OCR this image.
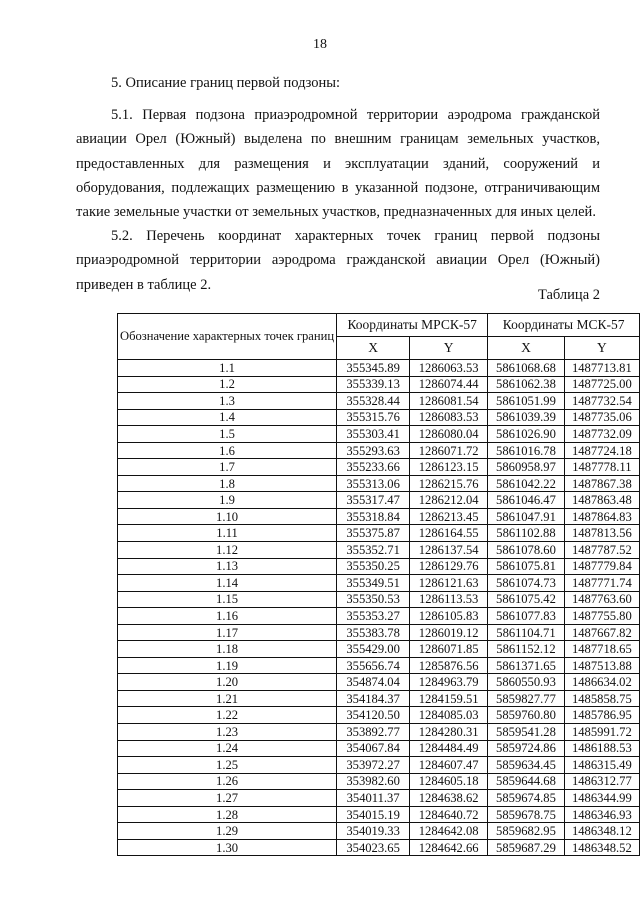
18
5. Описание границ первой подзоны:
5.1. Первая подзона приаэродромной территории аэродрома гражданской
авиации Орел (Южный) выделена по внешним границам земельных участков,
предоставленных для размещения и эксплуатации зданий, сооружений и
оборудования, подлежащих размещению в указанной подзоне, отграничивающим
такие земельные участки от земельных участков, предназначенных для иных целей.
5.2. Перечень координат характерных точек границ первой подзоны
приаэродромной территории аэродрома гражданской авиации Орел (Южный)
приведен в таблице 2.
Таблица 2
Обозначение характерных точек границ	Координаты МРСК-57		Координаты МСК-57	
	X	Y	X	Y
1.1	355345.89	1286063.53	5861068.68	1487713.81
1.2	355339.13	1286074.44	5861062.38	1487725.00
1.3	355328.44	1286081.54	5861051.99	1487732.54
1.4	355315.76	1286083.53	5861039.39	1487735.06
1.5	355303.41	1286080.04	5861026.90	1487732.09
1.6	355293.63	1286071.72	5861016.78	1487724.18
1.7	355233.66	1286123.15	5860958.97	1487778.11
1.8	355313.06	1286215.76	5861042.22	1487867.38
1.9	355317.47	1286212.04	5861046.47	1487863.48
1.10	355318.84	1286213.45	5861047.91	1487864.83
1.11	355375.87	1286164.55	5861102.88	1487813.56
1.12	355352.71	1286137.54	5861078.60	1487787.52
1.13	355350.25	1286129.76	5861075.81	1487779.84
1.14	355349.51	1286121.63	5861074.73	1487771.74
1.15	355350.53	1286113.53	5861075.42	1487763.60
1.16	355353.27	1286105.83	5861077.83	1487755.80
1.17	355383.78	1286019.12	5861104.71	1487667.82
1.18	355429.00	1286071.85	5861152.12	1487718.65
1.19	355656.74	1285876.56	5861371.65	1487513.88
1.20	354874.04	1284963.79	5860550.93	1486634.02
1.21	354184.37	1284159.51	5859827.77	1485858.75
1.22	354120.50	1284085.03	5859760.80	1485786.95
1.23	353892.77	1284280.31	5859541.28	1485991.72
1.24	354067.84	1284484.49	5859724.86	1486188.53
1.25	353972.27	1284607.47	5859634.45	1486315.49
1.26	353982.60	1284605.18	5859644.68	1486312.77
1.27	354011.37	1284638.62	5859674.85	1486344.99
1.28	354015.19	1284640.72	5859678.75	1486346.93
1.29	354019.33	1284642.08	5859682.95	1486348.12
1.30	354023.65	1284642.66	5859687.29	1486348.52
